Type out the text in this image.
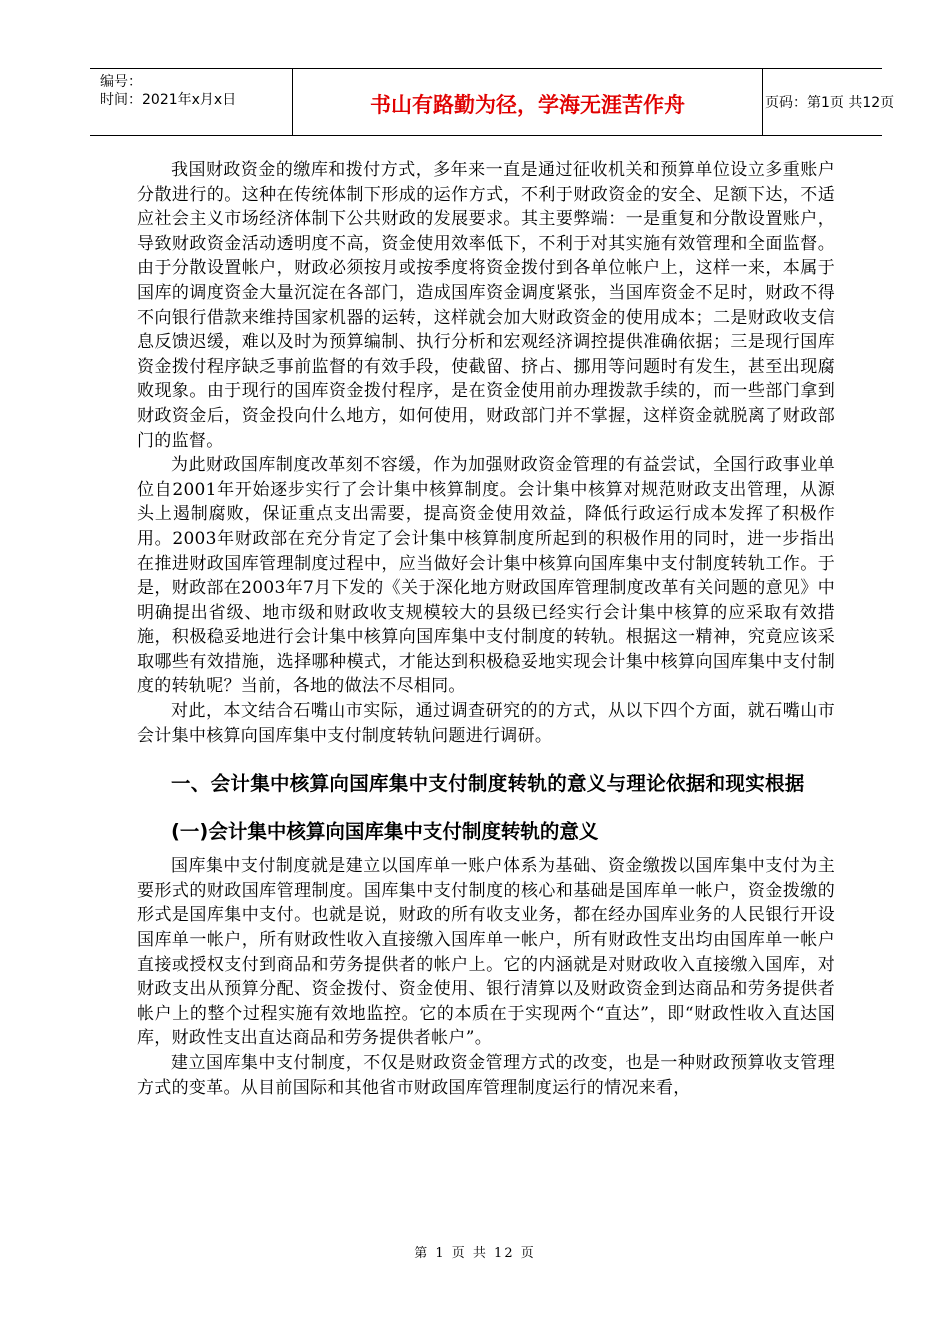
编号：
时间：2021年x月x日	书山有路勤为径，学海无涯苦作舟	页码：第1页 共12页

我国财政资金的缴库和拨付方式，多年来一直是通过征收机关和预算单位设立多重账户分散进行的。这种在传统体制下形成的运作方式，不利于财政资金的安全、足额下达，不适应社会主义市场经济体制下公共财政的发展要求。其主要弊端：一是重复和分散设置账户，导致财政资金活动透明度不高，资金使用效率低下，不利于对其实施有效管理和全面监督。由于分散设置帐户，财政必须按月或按季度将资金拨付到各单位帐户上，这样一来，本属于国库的调度资金大量沉淀在各部门，造成国库资金调度紧张，当国库资金不足时，财政不得不向银行借款来维持国家机器的运转，这样就会加大财政资金的使用成本；二是财政收支信息反馈迟缓，难以及时为预算编制、执行分析和宏观经济调控提供准确依据；三是现行国库资金拨付程序缺乏事前监督的有效手段，使截留、挤占、挪用等问题时有发生，甚至出现腐败现象。由于现行的国库资金拨付程序，是在资金使用前办理拨款手续的，而一些部门拿到财政资金后，资金投向什么地方，如何使用，财政部门并不掌握，这样资金就脱离了财政部门的监督。

为此财政国库制度改革刻不容缓，作为加强财政资金管理的有益尝试，全国行政事业单位自2001年开始逐步实行了会计集中核算制度。会计集中核算对规范财政支出管理，从源头上遏制腐败，保证重点支出需要，提高资金使用效益，降低行政运行成本发挥了积极作用。2003年财政部在充分肯定了会计集中核算制度所起到的积极作用的同时，进一步指出在推进财政国库管理制度过程中，应当做好会计集中核算向国库集中支付制度转轨工作。于是，财政部在2003年7月下发的《关于深化地方财政国库管理制度改革有关问题的意见》中明确提出省级、地市级和财政收支规模较大的县级已经实行会计集中核算的应采取有效措施，积极稳妥地进行会计集中核算向国库集中支付制度的转轨。根据这一精神，究竟应该采取哪些有效措施，选择哪种模式，才能达到积极稳妥地实现会计集中核算向国库集中支付制度的转轨呢？当前，各地的做法不尽相同。

对此，本文结合石嘴山市实际，通过调查研究的的方式，从以下四个方面，就石嘴山市会计集中核算向国库集中支付制度转轨问题进行调研。

一、会计集中核算向国库集中支付制度转轨的意义与理论依据和现实根据
(一)会计集中核算向国库集中支付制度转轨的意义

国库集中支付制度就是建立以国库单一账户体系为基础、资金缴拨以国库集中支付为主要形式的财政国库管理制度。国库集中支付制度的核心和基础是国库单一帐户，资金拨缴的形式是国库集中支付。也就是说，财政的所有收支业务，都在经办国库业务的人民银行开设国库单一帐户，所有财政性收入直接缴入国库单一帐户，所有财政性支出均由国库单一帐户直接或授权支付到商品和劳务提供者的帐户上。它的内涵就是对财政收入直接缴入国库，对财政支出从预算分配、资金拨付、资金使用、银行清算以及财政资金到达商品和劳务提供者帐户上的整个过程实施有效地监控。它的本质在于实现两个“直达”，即“财政性收入直达国库，财政性支出直达商品和劳务提供者帐户”。

建立国库集中支付制度，不仅是财政资金管理方式的改变，也是一种财政预算收支管理方式的变革。从目前国际和其他省市财政国库管理制度运行的情况来看，

第 1 页 共 12 页
